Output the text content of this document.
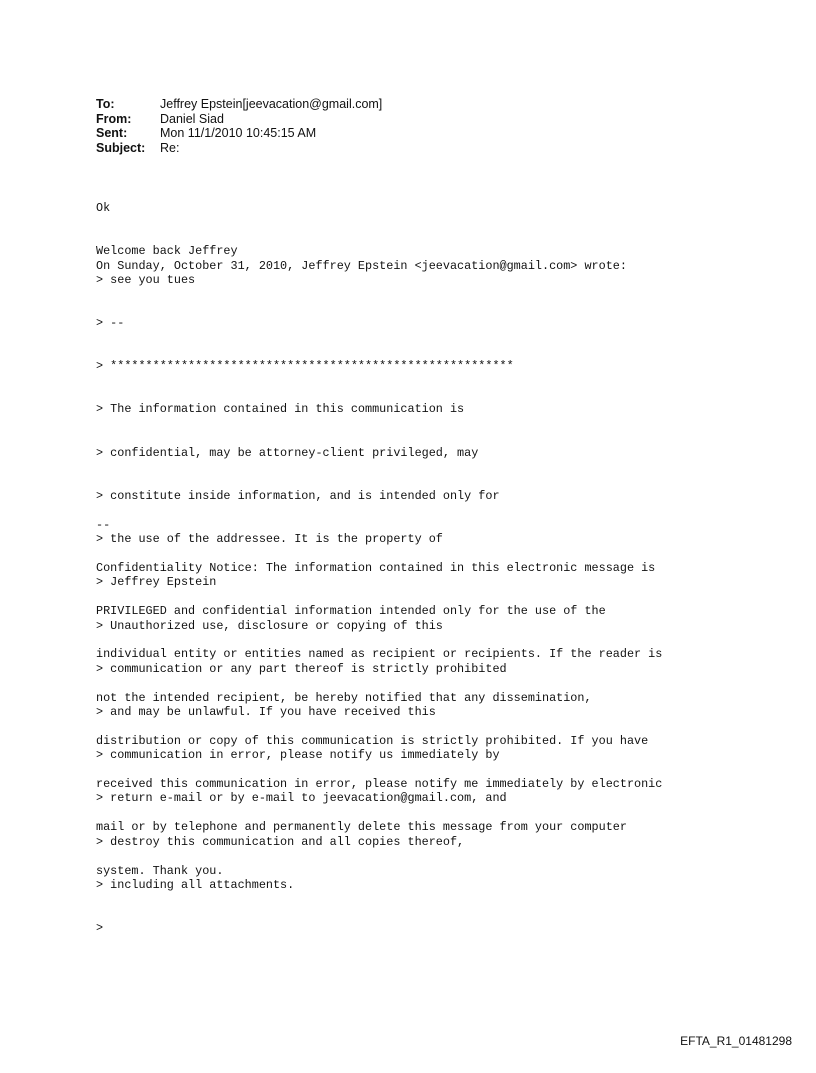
To:	Jeffrey Epstein[jeevacation@gmail.com]
From:	Daniel Siad
Sent:	Mon 11/1/2010 10:45:15 AM
Subject:	Re:

Ok

Welcome back Jeffrey

On Sunday, October 31, 2010, Jeffrey Epstein <jeevacation@gmail.com> wrote:

> see you tues

> --

> *********************************************************

> The information contained in this communication is

> confidential, may be attorney-client privileged, may

> constitute inside information, and is intended only for

> the use of the addressee. It is the property of

> Jeffrey Epstein

> Unauthorized use, disclosure or copying of this

> communication or any part thereof is strictly prohibited

> and may be unlawful. If you have received this

> communication in error, please notify us immediately by

> return e-mail or by e-mail to jeevacation@gmail.com, and

> destroy this communication and all copies thereof,

> including all attachments.

>

--

Confidentiality Notice: The information contained in this electronic message is

PRIVILEGED and confidential information intended only for the use of the

individual entity or entities named as recipient or recipients. If the reader is

not the intended recipient, be hereby notified that any dissemination,

distribution or copy of this communication is strictly prohibited. If you have

received this communication in error, please notify me immediately by electronic

mail or by telephone and permanently delete this message from your computer

system. Thank you.

EFTA_R1_01481298
